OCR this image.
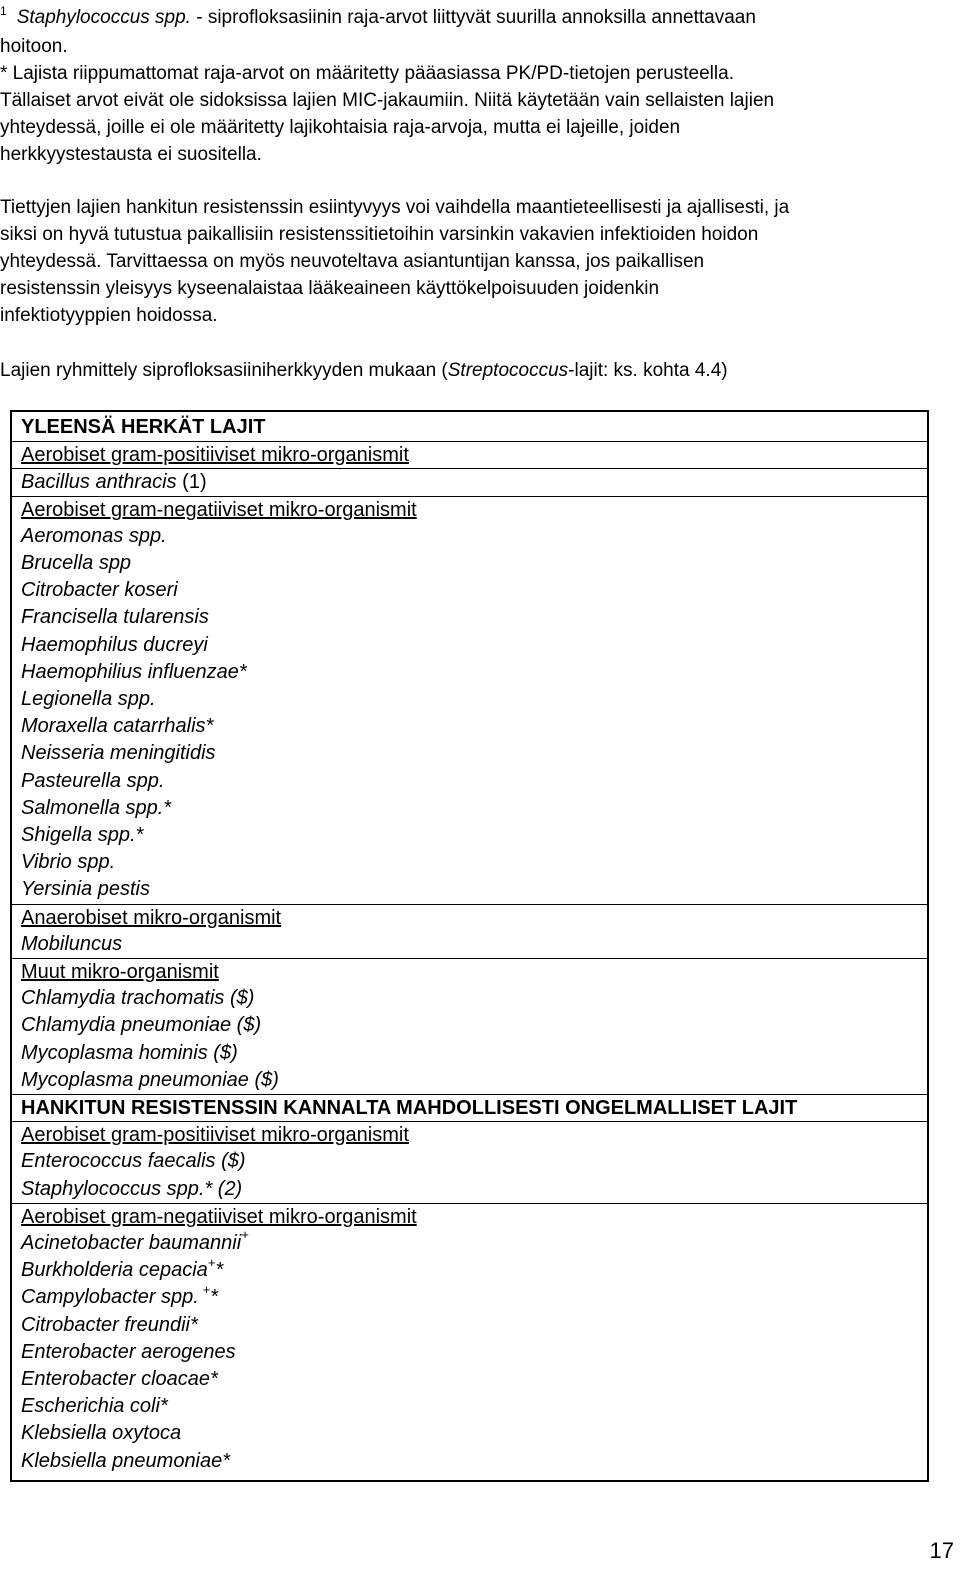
$^1$ Staphylococcus spp. - siprofloksasiinin raja-arvot liittyvät suurilla annoksilla annettavaan
hoitoon.
* Lajista riippumattomat raja-arvot on määritetty pääasiassa PK/PD-tietojen perusteella.
Tällaiset arvot eivät ole sidoksissa lajien MIC-jakaumiin. Niitä käytetään vain sellaisten lajien
yhteydessä, joille ei ole määritetty lajikohtaisia raja-arvoja, mutta ei lajeille, joiden
herkkyystestausta ei suositella.
Tiettyjen lajien hankitun resistenssin esiintyvyys voi vaihdella maantieteellisesti ja ajallisesti, ja
siksi on hyvä tutustua paikallisiin resistenssitietoihin varsinkin vakavien infektioiden hoidon
yhteydessä. Tarvittaessa on myös neuvoteltava asiantuntijan kanssa, jos paikallisen
resistenssin yleisyys kyseenalaistaa lääkeaineen käyttökelpoisuuden joidenkin
infektiotyyppien hoidossa.
Lajien ryhmittely siprofloksasiiniherkkyyden mukaan (Streptococcus-lajit: ks. kohta 4.4)
YLEENSÄ HERKÄT LAJIT
Aerobiset gram-positiiviset mikro-organismit
Bacillus anthracis (1)
Aerobiset gram-negatiiviset mikro-organismit
Aeromonas spp.
Brucella spp
Citrobacter koseri
Francisella tularensis
Haemophilus ducreyi
Haemophilius influenzae*
Legionella spp.
Moraxella catarrhalis*
Neisseria meningitidis
Pasteurella spp.
Salmonella spp.*
Shigella spp.*
Vibrio spp.
Yersinia pestis
Anaerobiset mikro-organismit
Mobiluncus
Muut mikro-organismit
Chlamydia trachomatis ($)
Chlamydia pneumoniae ($)
Mycoplasma hominis ($)
Mycoplasma pneumoniae ($)
HANKITUN RESISTENSSIN KANNALTA MAHDOLLISESTI ONGELMALLISET LAJIT
Aerobiset gram-positiiviset mikro-organismit
Enterococcus faecalis ($)
Staphylococcus spp.* (2)
Aerobiset gram-negatiiviset mikro-organismit
Acinetobacter baumannii+
Burkholderia cepacia+*
Campylobacter spp. +*
Citrobacter freundii*
Enterobacter aerogenes
Enterobacter cloacae*
Escherichia coli*
Klebsiella oxytoca
Klebsiella pneumoniae*
17
